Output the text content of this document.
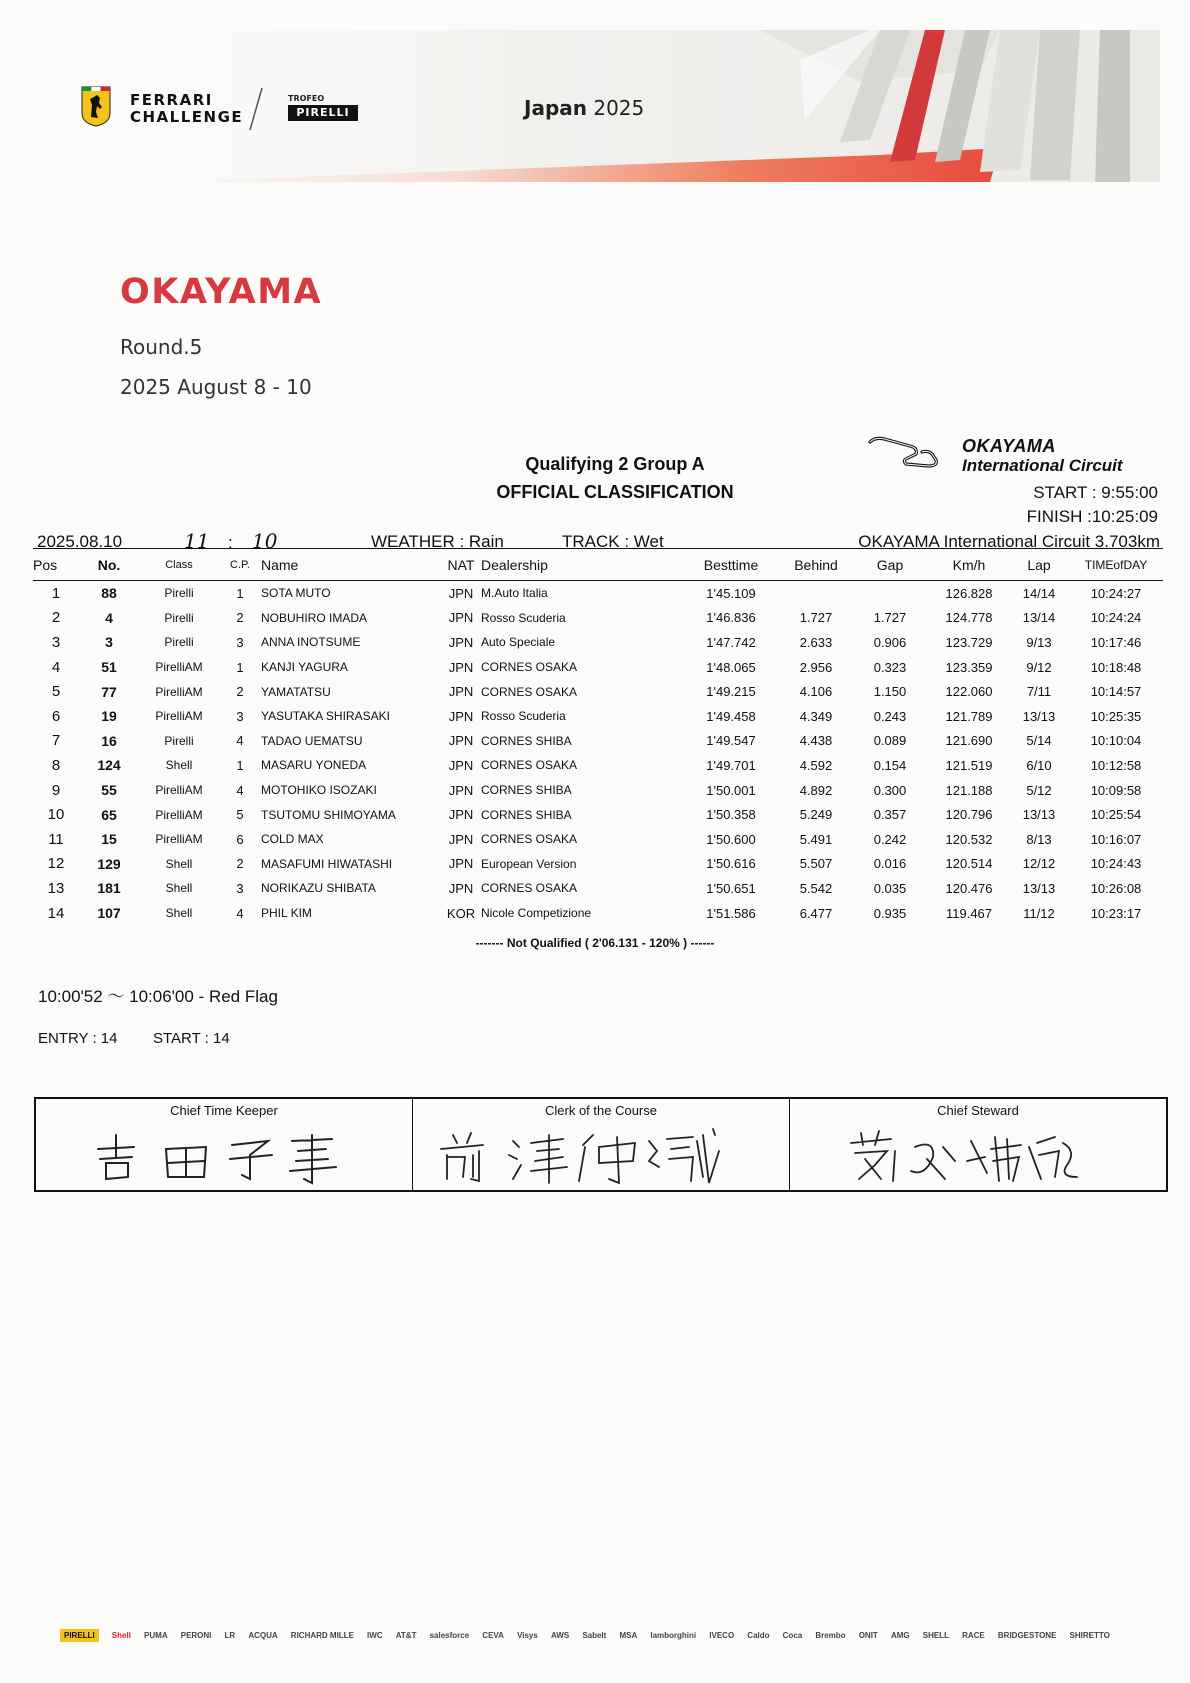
FERRARI
CHALLENGE
TROFEO
PIRELLI	Japan 2025
OKAYAMA
Round.5
2025 August 8 - 10
Qualifying 2 Group A
OFFICIAL CLASSIFICATION
OKAYAMA
International Circuit
START : 9:55:00
FINISH :10:25:09
2025.08.10	11 : 10	WEATHER : Rain	TRACK : Wet	OKAYAMA International Circuit 3.703km
Pos	No.	Class	C.P.	Name	NAT	Dealership	Besttime	Behind	Gap	Km/h	Lap	TIMEofDAY
1	88	Pirelli	1	SOTA MUTO	JPN	M.Auto Italia	1'45.109			126.828	14/14	10:24:27
2	4	Pirelli	2	NOBUHIRO IMADA	JPN	Rosso Scuderia	1'46.836	1.727	1.727	124.778	13/14	10:24:24
3	3	Pirelli	3	ANNA INOTSUME	JPN	Auto Speciale	1'47.742	2.633	0.906	123.729	9/13	10:17:46
4	51	PirelliAM	1	KANJI YAGURA	JPN	CORNES OSAKA	1'48.065	2.956	0.323	123.359	9/12	10:18:48
5	77	PirelliAM	2	YAMATATSU	JPN	CORNES OSAKA	1'49.215	4.106	1.150	122.060	7/11	10:14:57
6	19	PirelliAM	3	YASUTAKA SHIRASAKI	JPN	Rosso Scuderia	1'49.458	4.349	0.243	121.789	13/13	10:25:35
7	16	Pirelli	4	TADAO UEMATSU	JPN	CORNES SHIBA	1'49.547	4.438	0.089	121.690	5/14	10:10:04
8	124	Shell	1	MASARU YONEDA	JPN	CORNES OSAKA	1'49.701	4.592	0.154	121.519	6/10	10:12:58
9	55	PirelliAM	4	MOTOHIKO ISOZAKI	JPN	CORNES SHIBA	1'50.001	4.892	0.300	121.188	5/12	10:09:58
10	65	PirelliAM	5	TSUTOMU SHIMOYAMA	JPN	CORNES SHIBA	1'50.358	5.249	0.357	120.796	13/13	10:25:54
11	15	PirelliAM	6	COLD MAX	JPN	CORNES OSAKA	1'50.600	5.491	0.242	120.532	8/13	10:16:07
12	129	Shell	2	MASAFUMI HIWATASHI	JPN	European Version	1'50.616	5.507	0.016	120.514	12/12	10:24:43
13	181	Shell	3	NORIKAZU SHIBATA	JPN	CORNES OSAKA	1'50.651	5.542	0.035	120.476	13/13	10:26:08
14	107	Shell	4	PHIL KIM	KOR	Nicole Competizione	1'51.586	6.477	0.935	119.467	11/12	10:23:17
------- Not Qualified ( 2'06.131 - 120% ) ------
10:00'52 〜 10:06'00 - Red Flag
ENTRY : 14 START : 14
Chief Time Keeper	Clerk of the Course	Chief Steward
PIRELLI	Shell PUMA PERONI LR ACQUA RICHARD MILLE IWC AT&T salesforce CEVA Visys AWS Sabelt MSA lamborghini IVECO Caldo Coca Brembo ONIT AMG SHELL RACE BRIDGESTONE SHIRETTO
